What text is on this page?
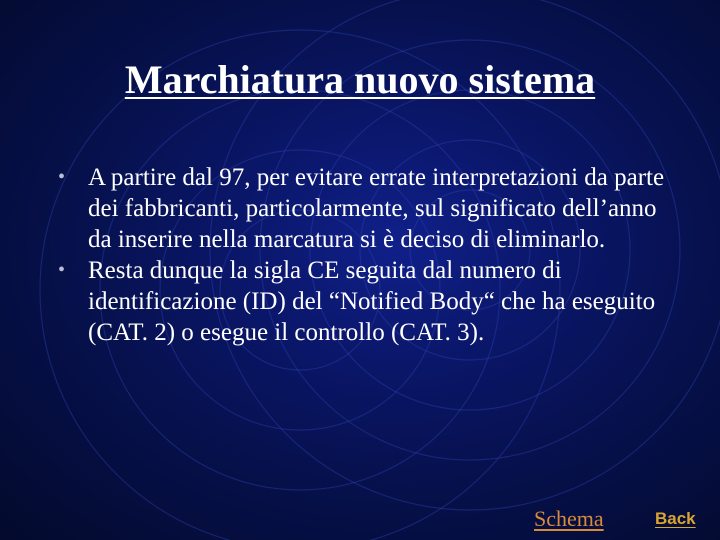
Marchiatura nuovo sistema
• A partire dal 97, per evitare errate interpretazioni da parte dei fabbricanti, particolarmente, sul significato dell’anno da inserire nella marcatura si è deciso di eliminarlo.
• Resta dunque la sigla CE seguita dal numero di identificazione (ID) del “Notified Body“ che ha eseguito (CAT. 2) o esegue il controllo (CAT. 3).
Schema	Back
